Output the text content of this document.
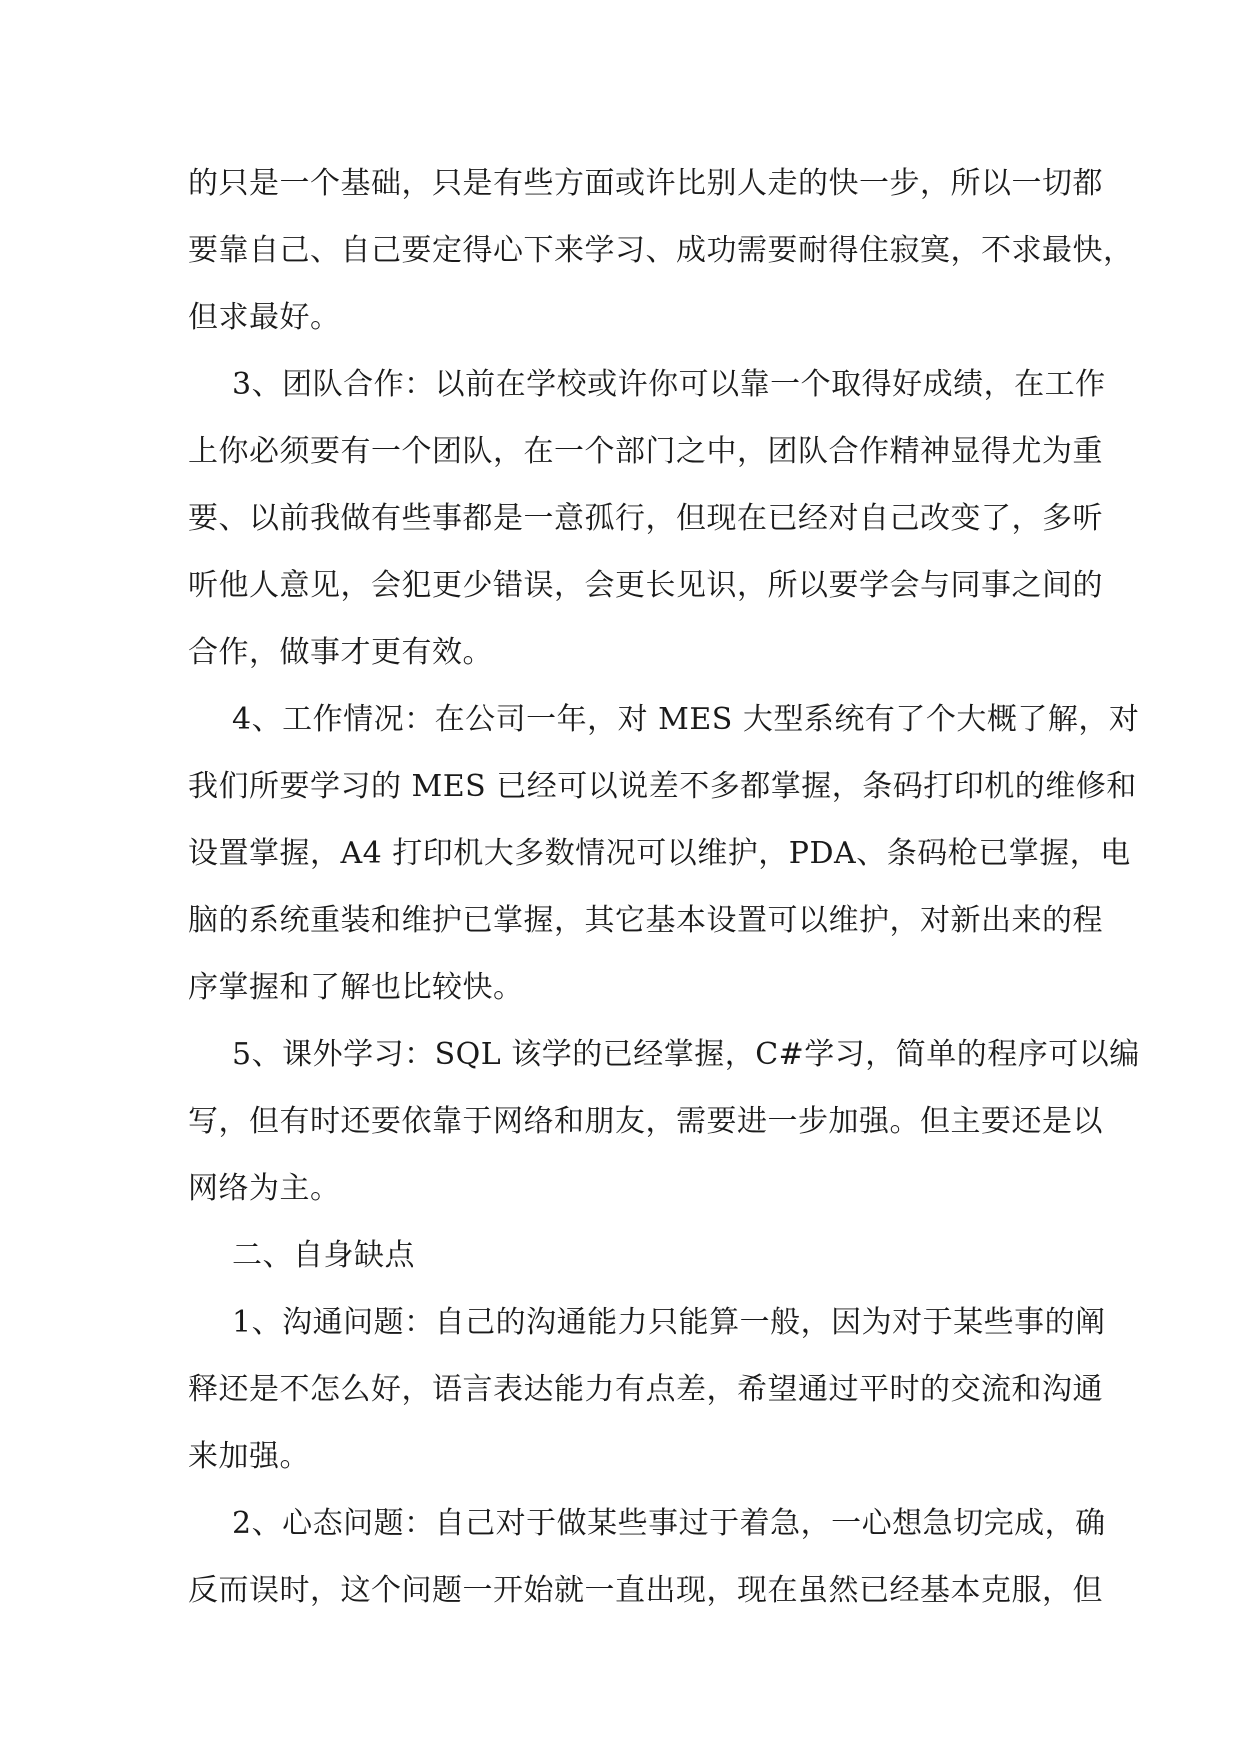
的只是一个基础，只是有些方面或许比别人走的快一步，所以一切都
要靠自己、自己要定得心下来学习、成功需要耐得住寂寞，不求最快，
但求最好。
3、团队合作：以前在学校或许你可以靠一个取得好成绩，在工作
上你必须要有一个团队，在一个部门之中，团队合作精神显得尤为重
要、以前我做有些事都是一意孤行，但现在已经对自己改变了，多听
听他人意见，会犯更少错误，会更长见识，所以要学会与同事之间的
合作，做事才更有效。
4、工作情况：在公司一年，对 MES 大型系统有了个大概了解，对
我们所要学习的 MES 已经可以说差不多都掌握，条码打印机的维修和
设置掌握，A4 打印机大多数情况可以维护，PDA、条码枪已掌握，电
脑的系统重装和维护已掌握，其它基本设置可以维护，对新出来的程
序掌握和了解也比较快。
5、课外学习：SQL 该学的已经掌握，C#学习，简单的程序可以编
写，但有时还要依靠于网络和朋友，需要进一步加强。但主要还是以
网络为主。
二、自身缺点
1、沟通问题：自己的沟通能力只能算一般，因为对于某些事的阐
释还是不怎么好，语言表达能力有点差，希望通过平时的交流和沟通
来加强。
2、心态问题：自己对于做某些事过于着急，一心想急切完成，确
反而误时，这个问题一开始就一直出现，现在虽然已经基本克服，但
